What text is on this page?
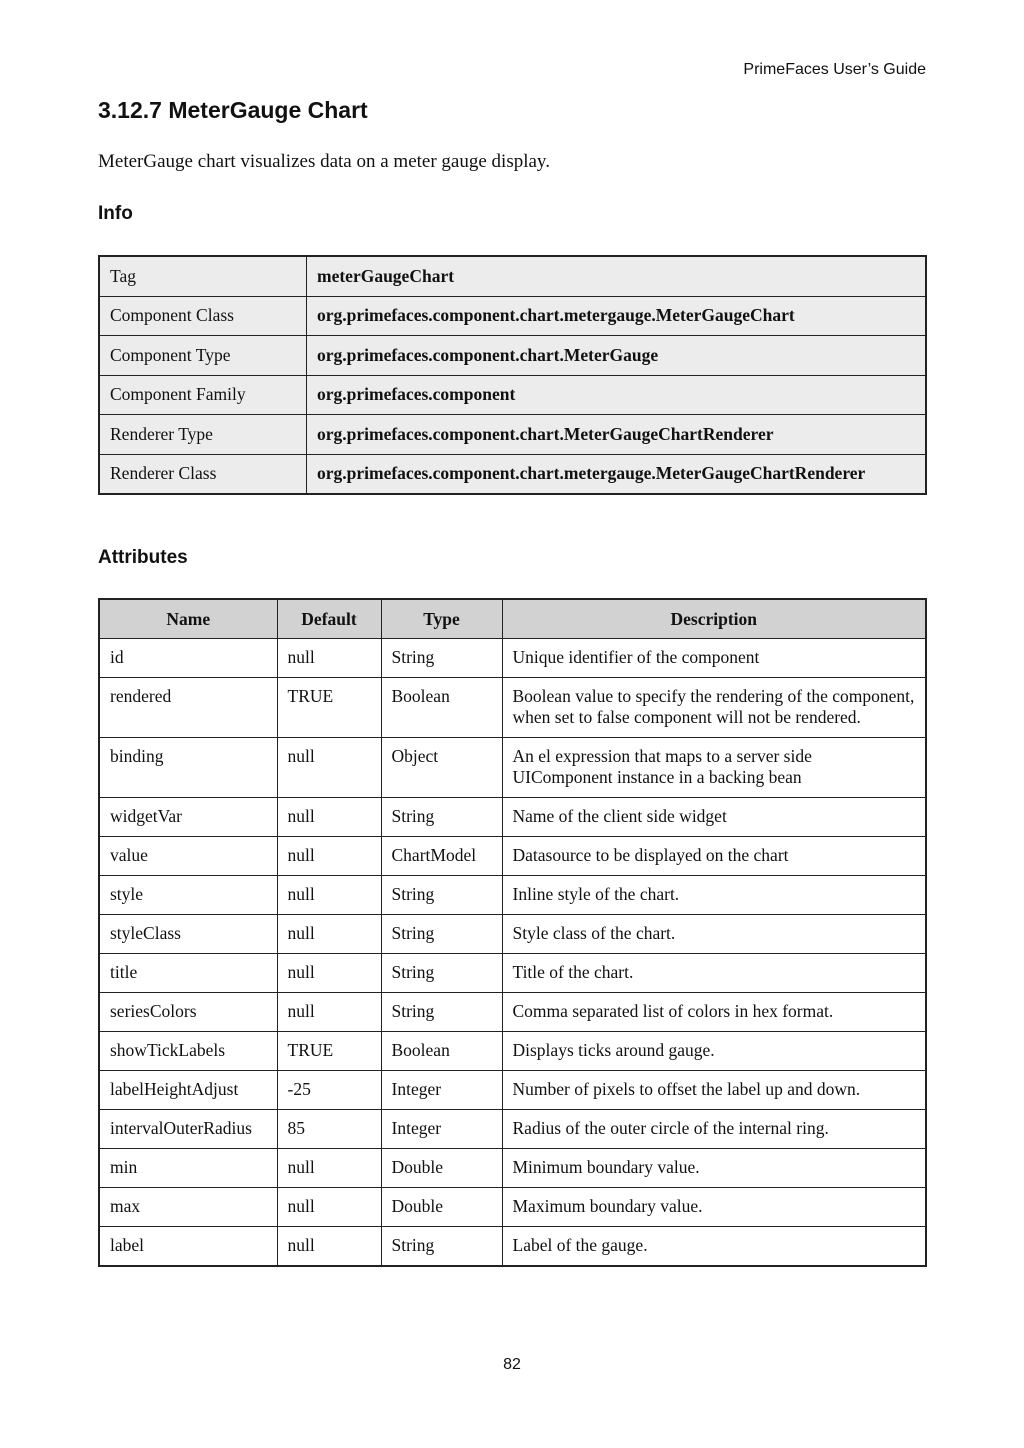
PrimeFaces User’s Guide
3.12.7 MeterGauge Chart

MeterGauge chart visualizes data on a meter gauge display.

Info
Tag	meterGaugeChart
Component Class	org.primefaces.component.chart.metergauge.MeterGaugeChart
Component Type	org.primefaces.component.chart.MeterGauge
Component Family	org.primefaces.component
Renderer Type	org.primefaces.component.chart.MeterGaugeChartRenderer
Renderer Class	org.primefaces.component.chart.metergauge.MeterGaugeChartRenderer
Attributes
Name	Default	Type	Description
id	null	String	Unique identifier of the component
rendered	TRUE	Boolean	Boolean value to specify the rendering of the component, when set to false component will not be rendered.
binding	null	Object	An el expression that maps to a server side UIComponent instance in a backing bean
widgetVar	null	String	Name of the client side widget
value	null	ChartModel	Datasource to be displayed on the chart
style	null	String	Inline style of the chart.
styleClass	null	String	Style class of the chart.
title	null	String	Title of the chart.
seriesColors	null	String	Comma separated list of colors in hex format.
showTickLabels	TRUE	Boolean	Displays ticks around gauge.
labelHeightAdjust	-25	Integer	Number of pixels to offset the label up and down.
intervalOuterRadius	85	Integer	Radius of the outer circle of the internal ring.
min	null	Double	Minimum boundary value.
max	null	Double	Maximum boundary value.
label	null	String	Label of the gauge.
82
